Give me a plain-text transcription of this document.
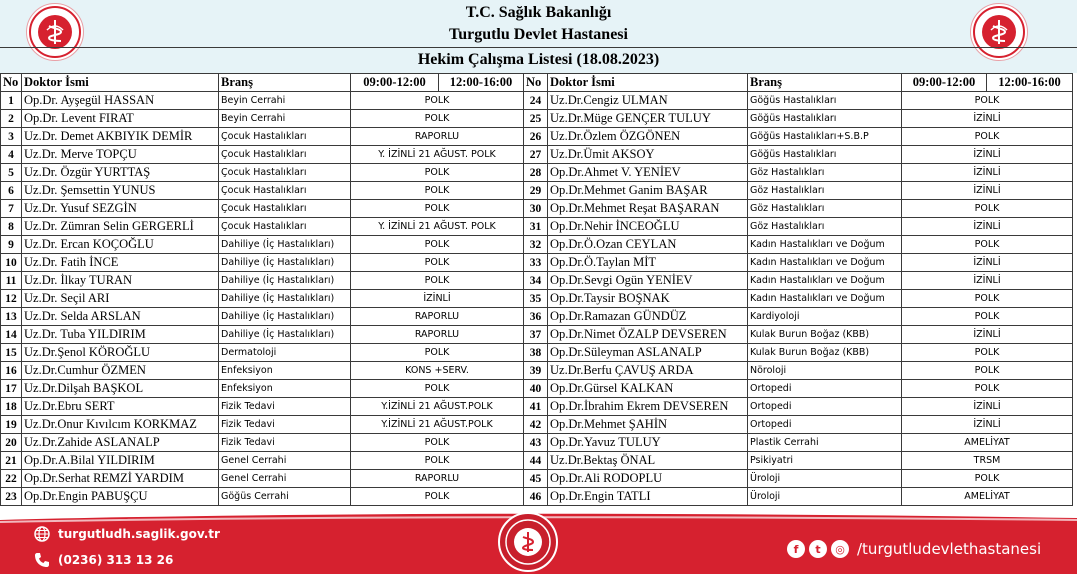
T.C. Sağlık Bakanlığı
Turgutlu Devlet Hastanesi
Hekim Çalışma Listesi (18.08.2023)
No	Doktor İsmi	Branş	09:00-12:00	12:00-16:00	No	Doktor İsmi	Branş	09:00-12:00	12:00-16:00
1	Op.Dr. Ayşegül HASSAN	Beyin Cerrahi	POLK		24	Uz.Dr.Cengiz ULMAN	Göğüs Hastalıkları	POLK	
2	Op.Dr. Levent FIRAT	Beyin Cerrahi	POLK		25	Uz.Dr.Müge GENÇER TULUY	Göğüs Hastalıkları	İZİNLİ	
3	Uz.Dr. Demet AKBIYIK DEMİR	Çocuk Hastalıkları	RAPORLU		26	Uz.Dr.Özlem ÖZGÖNEN	Göğüs Hastalıkları+S.B.P	POLK	
4	Uz.Dr. Merve TOPÇU	Çocuk Hastalıkları	Y. İZİNLİ 21 AĞUST. POLK		27	Uz.Dr.Ümit AKSOY	Göğüs Hastalıkları	İZİNLİ	
5	Uz.Dr. Özgür YURTTAŞ	Çocuk Hastalıkları	POLK		28	Op.Dr.Ahmet V. YENİEV	Göz Hastalıkları	İZİNLİ	
6	Uz.Dr. Şemsettin YUNUS	Çocuk Hastalıkları	POLK		29	Op.Dr.Mehmet Ganim BAŞAR	Göz Hastalıkları	İZİNLİ	
7	Uz.Dr. Yusuf SEZGİN	Çocuk Hastalıkları	POLK		30	Op.Dr.Mehmet Reşat BAŞARAN	Göz Hastalıkları	POLK	
8	Uz.Dr. Zümran Selin GERGERLİ	Çocuk Hastalıkları	Y. İZİNLİ 21 AĞUST. POLK		31	Op.Dr.Nehir İNCEOĞLU	Göz Hastalıkları	İZİNLİ	
9	Uz.Dr. Ercan KOÇOĞLU	Dahiliye (İç Hastalıkları)	POLK		32	Op.Dr.Ö.Ozan CEYLAN	Kadın Hastalıkları ve Doğum	POLK	
10	Uz.Dr. Fatih İNCE	Dahiliye (İç Hastalıkları)	POLK		33	Op.Dr.Ö.Taylan MİT	Kadın Hastalıkları ve Doğum	İZİNLİ	
11	Uz.Dr. İlkay TURAN	Dahiliye (İç Hastalıkları)	POLK		34	Op.Dr.Sevgi Ogün YENİEV	Kadın Hastalıkları ve Doğum	İZİNLİ	
12	Uz.Dr. Seçil ARI	Dahiliye (İç Hastalıkları)	İZİNLİ		35	Op.Dr.Taysir BOŞNAK	Kadın Hastalıkları ve Doğum	POLK	
13	Uz.Dr. Selda ARSLAN	Dahiliye (İç Hastalıkları)	RAPORLU		36	Op.Dr.Ramazan GÜNDÜZ	Kardiyoloji	POLK	
14	Uz.Dr. Tuba YILDIRIM	Dahiliye (İç Hastalıkları)	RAPORLU		37	Op.Dr.Nimet ÖZALP DEVSEREN	Kulak Burun Boğaz (KBB)	İZİNLİ	
15	Uz.Dr.Şenol KÖROĞLU	Dermatoloji	POLK		38	Op.Dr.Süleyman ASLANALP	Kulak Burun Boğaz (KBB)	POLK	
16	Uz.Dr.Cumhur ÖZMEN	Enfeksiyon	KONS +SERV.		39	Uz.Dr.Berfu ÇAVUŞ ARDA	Nöroloji	POLK	
17	Uz.Dr.Dilşah BAŞKOL	Enfeksiyon	POLK		40	Op.Dr.Gürsel KALKAN	Ortopedi	POLK	
18	Uz.Dr.Ebru SERT	Fizik Tedavi	Y.İZİNLİ 21 AĞUST.POLK		41	Op.Dr.İbrahim Ekrem DEVSEREN	Ortopedi	İZİNLİ	
19	Uz.Dr.Onur Kıvılcım KORKMAZ	Fizik Tedavi	Y.İZİNLİ 21 AĞUST.POLK		42	Op.Dr.Mehmet ŞAHİN	Ortopedi	İZİNLİ	
20	Uz.Dr.Zahide ASLANALP	Fizik Tedavi	POLK		43	Op.Dr.Yavuz TULUY	Plastik Cerrahi	AMELİYAT	
21	Op.Dr.A.Bilal YILDIRIM	Genel Cerrahi	POLK		44	Uz.Dr.Bektaş ÖNAL	Psikiyatri	TRSM	
22	Op.Dr.Serhat REMZİ YARDIM	Genel Cerrahi	RAPORLU		45	Op.Dr.Ali RODOPLU	Üroloji	POLK	
23	Op.Dr.Engin PABUŞÇU	Göğüs Cerrahi	POLK		46	Op.Dr.Engin TATLI	Üroloji	AMELİYAT	
turgutludh.saglik.gov.tr
(0236) 313 13 26
f	t	◎ /turgutludevlethastanesi
